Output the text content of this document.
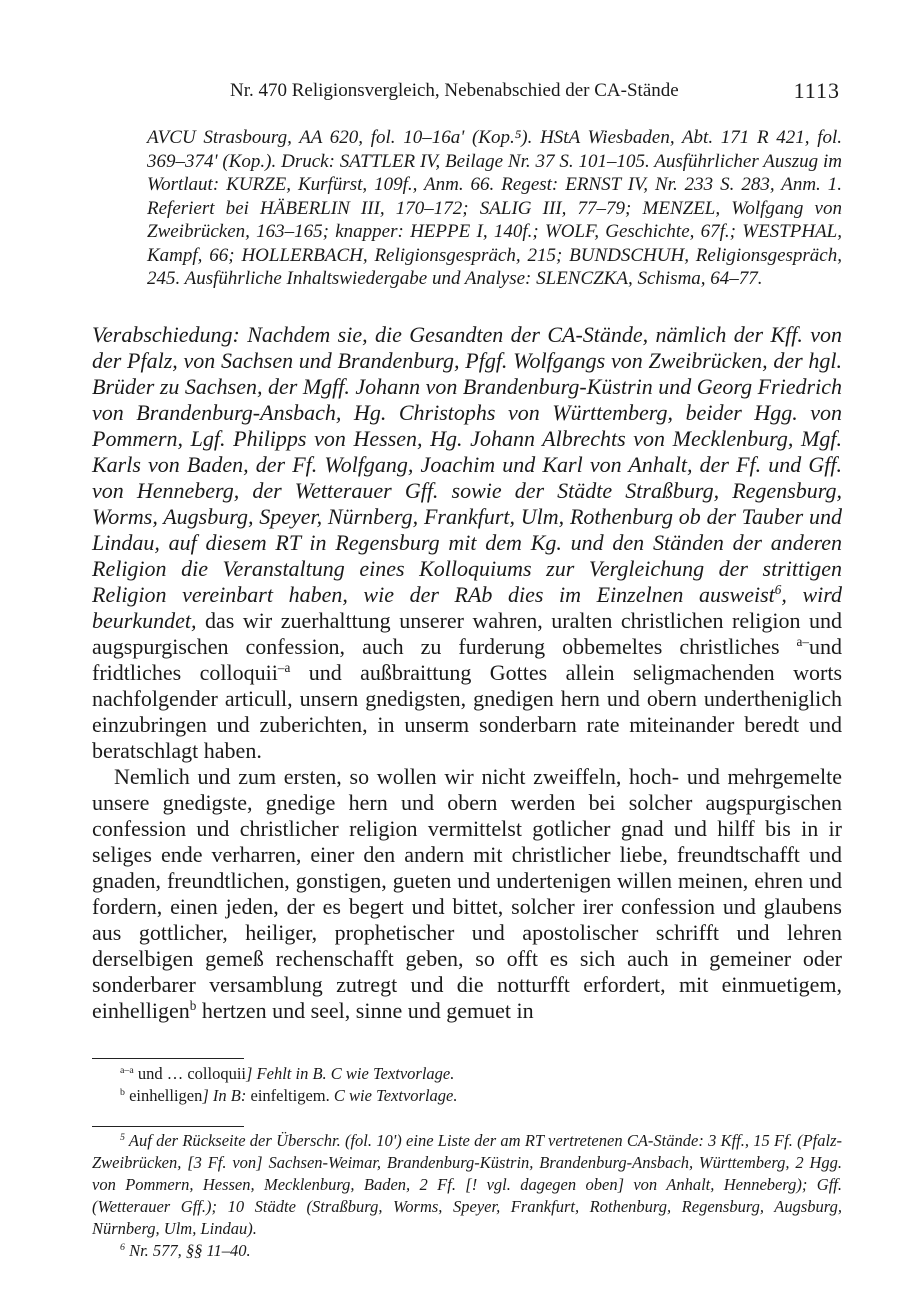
Nr. 470 Religionsvergleich, Nebenabschied der CA-Stände	1113
AVCU Strasbourg, AA 620, fol. 10–16a' (Kop.⁵). HStA Wiesbaden, Abt. 171 R 421, fol. 369–374' (Kop.). Druck: SATTLER IV, Beilage Nr. 37 S. 101–105. Ausführlicher Auszug im Wortlaut: KURZE, Kurfürst, 109f., Anm. 66. Regest: ERNST IV, Nr. 233 S. 283, Anm. 1. Referiert bei HÄBERLIN III, 170–172; SALIG III, 77–79; MENZEL, Wolfgang von Zweibrücken, 163–165; knapper: HEPPE I, 140f.; WOLF, Geschichte, 67f.; WESTPHAL, Kampf, 66; HOLLERBACH, Religionsgespräch, 215; BUNDSCHUH, Religionsgespräch, 245. Ausführliche Inhaltswiedergabe und Analyse: SLENCZKA, Schisma, 64–77.

Verabschiedung: Nachdem sie, die Gesandten der CA-Stände, nämlich der Kff. von der Pfalz, von Sachsen und Brandenburg, Pfgf. Wolfgangs von Zweibrücken, der hgl. Brüder zu Sachsen, der Mgff. Johann von Brandenburg-Küstrin und Georg Friedrich von Brandenburg-Ansbach, Hg. Christophs von Württemberg, beider Hgg. von Pommern, Lgf. Philipps von Hessen, Hg. Johann Albrechts von Mecklenburg, Mgf. Karls von Baden, der Ff. Wolfgang, Joachim und Karl von Anhalt, der Ff. und Gff. von Henneberg, der Wetterauer Gff. sowie der Städte Straßburg, Regensburg, Worms, Augsburg, Speyer, Nürnberg, Frankfurt, Ulm, Rothenburg ob der Tauber und Lindau, auf diesem RT in Regensburg mit dem Kg. und den Ständen der anderen Religion die Veranstaltung eines Kolloquiums zur Vergleichung der strittigen Religion vereinbart haben, wie der RAb dies im Einzelnen ausweist$^6$, wird beurkundet, das wir zuerhalttung unserer wahren, uralten christlichen religion und augspurgischen confession, auch zu furderung obbemeltes christliches $^{a-}$und fridtliches colloquii$^{-a}$ und außbraittung Gottes allein seligmachenden worts nachfolgender articull, unsern gnedigsten, gnedigen hern und obern undertheniglich einzubringen und zuberichten, in unserm sonderbarn rate miteinander beredt und beratschlagt haben.

Nemlich und zum ersten, so wollen wir nicht zweiffeln, hoch- und mehrgemelte unsere gnedigste, gnedige hern und obern werden bei solcher augspurgischen confession und christlicher religion vermittelst gotlicher gnad und hilff bis in ir seliges ende verharren, einer den andern mit christlicher liebe, freundtschafft und gnaden, freundtlichen, gonstigen, gueten und undertenigen willen meinen, ehren und fordern, einen jeden, der es begert und bittet, solcher irer confession und glaubens aus gottlicher, heiliger, prophetischer und apostolischer schrifft und lehren derselbigen gemeß rechenschafft geben, so offt es sich auch in gemeiner oder sonderbarer versamblung zutregt und die notturfft erfordert, mit einmuetigem, einhelligen$^b$ hertzen und seel, sinne und gemuet in

$^{a-a}$ und … colloquii] Fehlt in B. C wie Textvorlage.

$^b$ einhelligen] In B: einfeltigem. C wie Textvorlage.

$^5$ Auf der Rückseite der Überschr. (fol. 10') eine Liste der am RT vertretenen CA-Stände: 3 Kff., 15 Ff. (Pfalz-Zweibrücken, [3 Ff. von] Sachsen-Weimar, Brandenburg-Küstrin, Brandenburg-Ansbach, Württemberg, 2 Hgg. von Pommern, Hessen, Mecklenburg, Baden, 2 Ff. [! vgl. dagegen oben] von Anhalt, Henneberg); Gff. (Wetterauer Gff.); 10 Städte (Straßburg, Worms, Speyer, Frankfurt, Rothenburg, Regensburg, Augsburg, Nürnberg, Ulm, Lindau).

$^6$ Nr. 577, §§ 11–40.
